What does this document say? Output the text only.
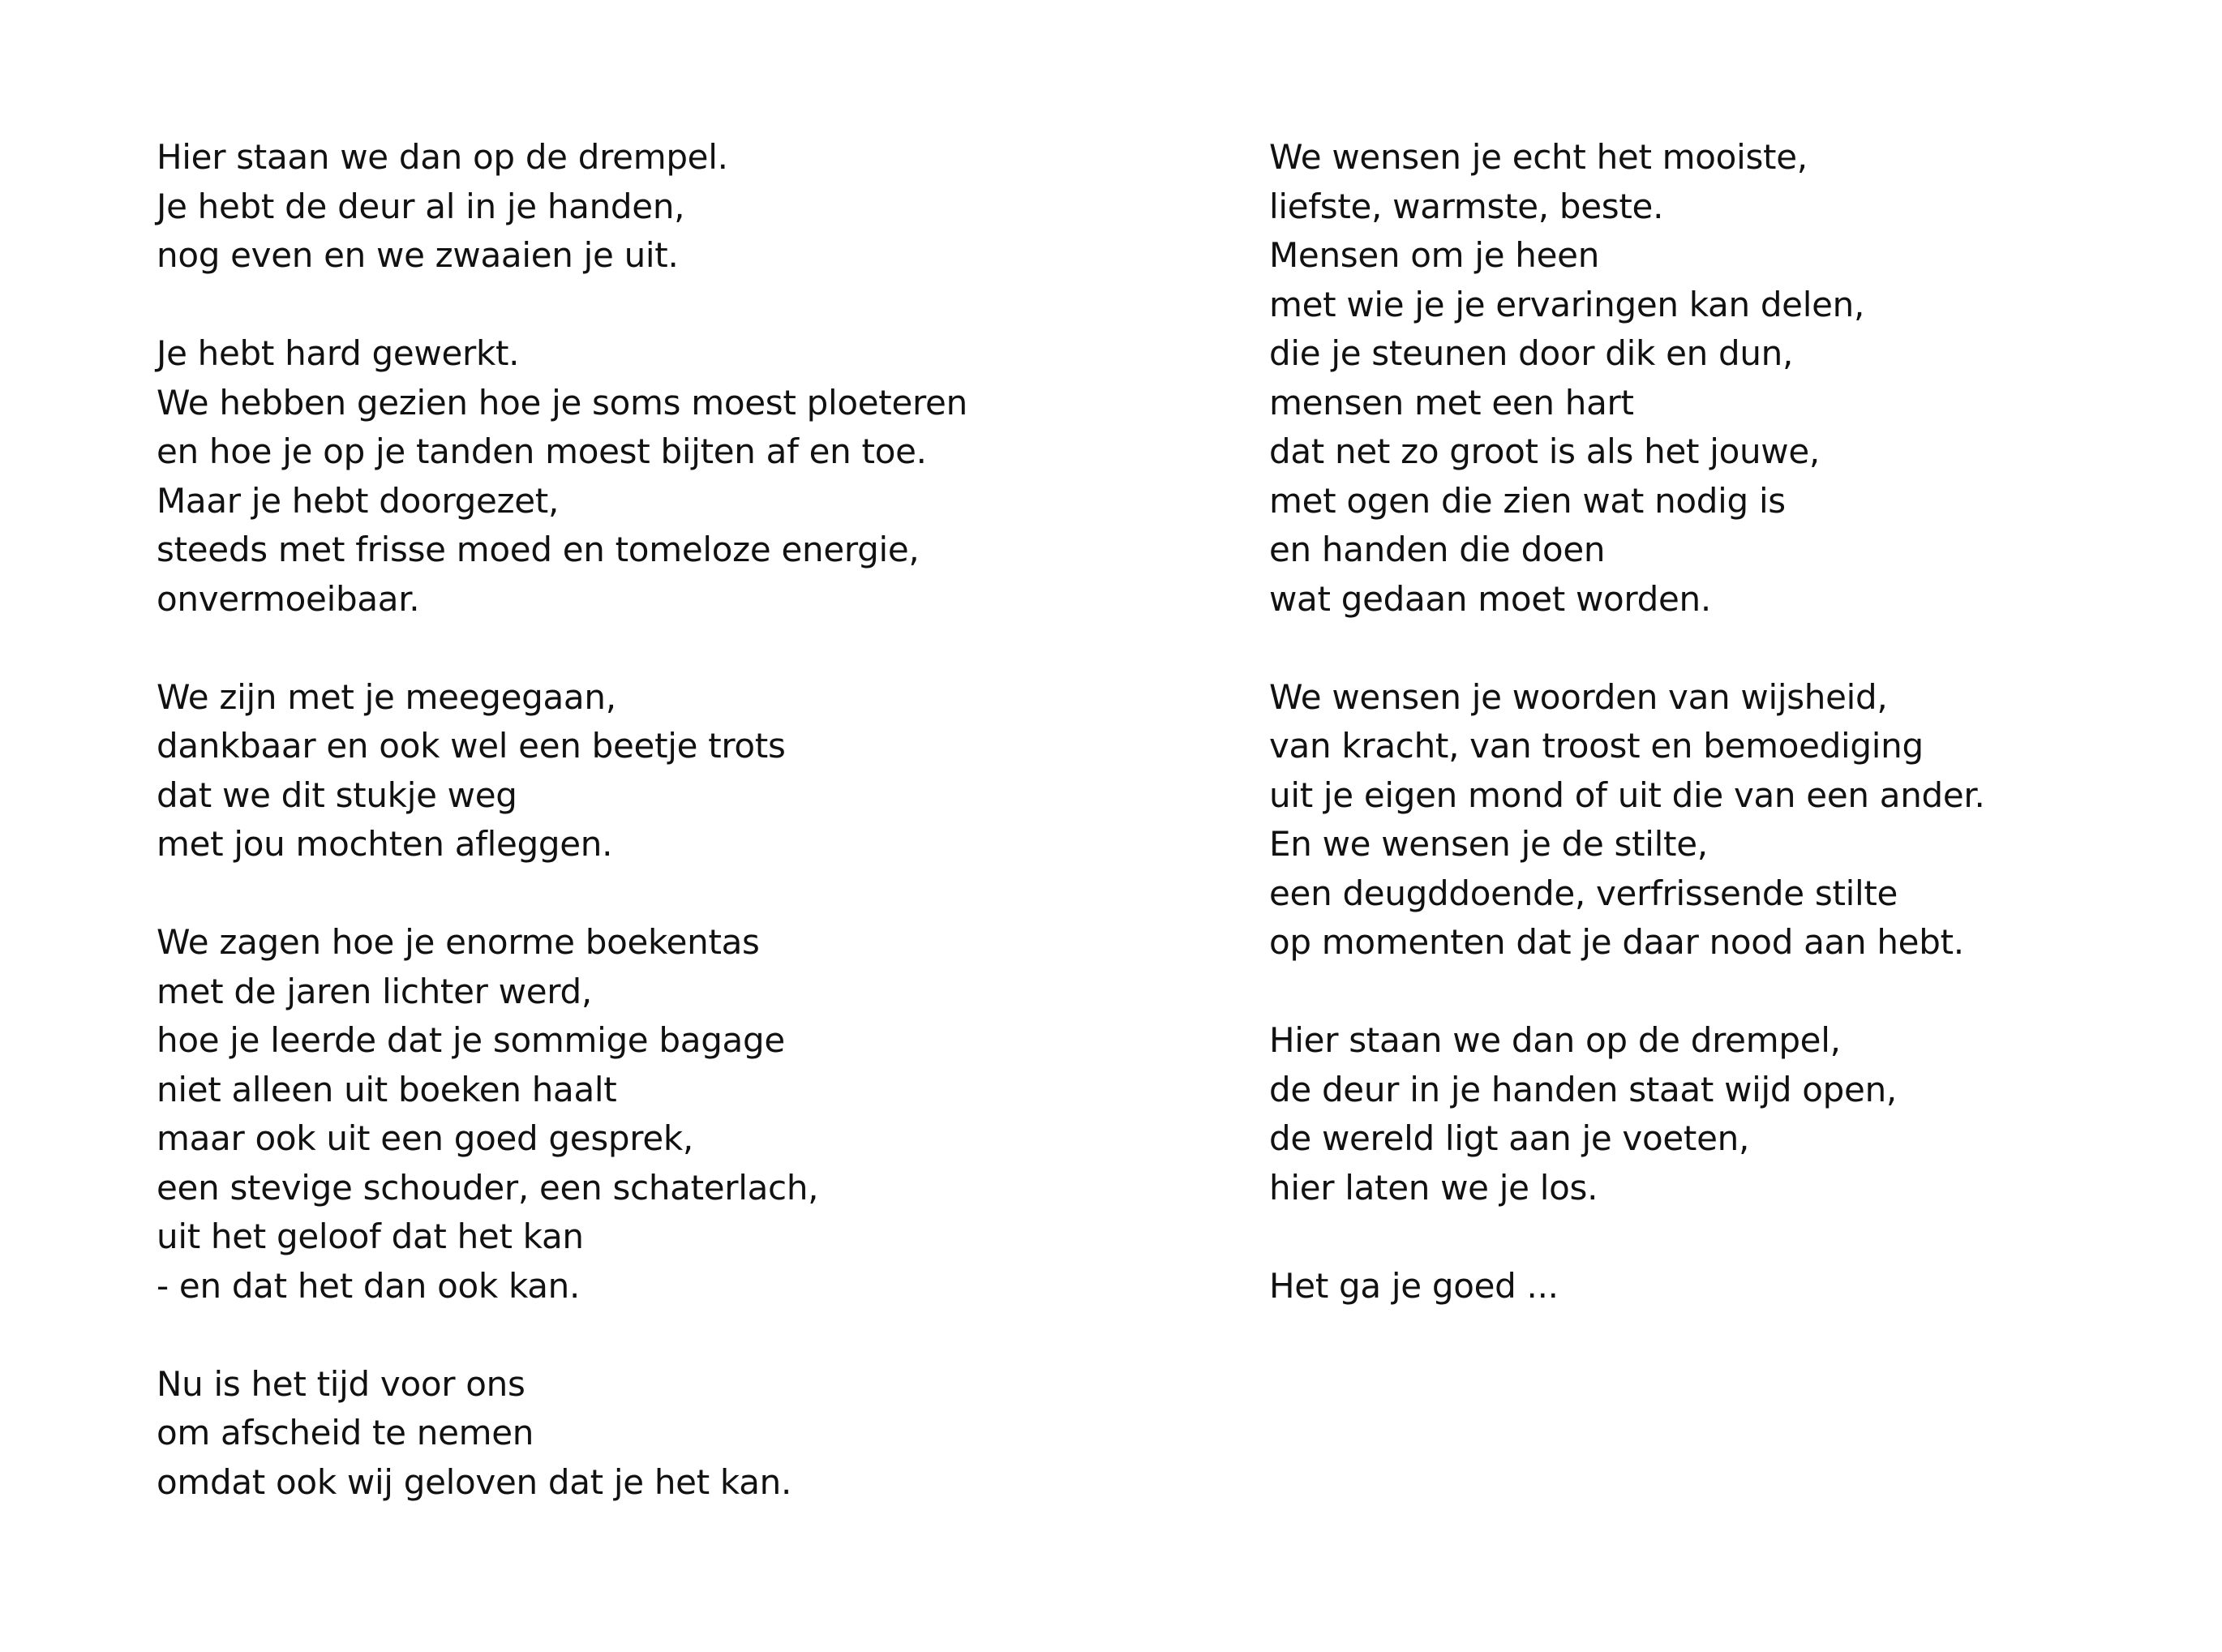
Hier staan we dan op de drempel.
Je hebt de deur al in je handen,
nog even en we zwaaien je uit.
Je hebt hard gewerkt.
We hebben gezien hoe je soms moest ploeteren
en hoe je op je tanden moest bijten af en toe.
Maar je hebt doorgezet,
steeds met frisse moed en tomeloze energie,
onvermoeibaar.
We zijn met je meegegaan,
dankbaar en ook wel een beetje trots
dat we dit stukje weg
met jou mochten afleggen.
We zagen hoe je enorme boekentas
met de jaren lichter werd,
hoe je leerde dat je sommige bagage
niet alleen uit boeken haalt
maar ook uit een goed gesprek,
een stevige schouder, een schaterlach,
uit het geloof dat het kan
- en dat het dan ook kan.
Nu is het tijd voor ons
om afscheid te nemen
omdat ook wij geloven dat je het kan.
We wensen je echt het mooiste,
liefste, warmste, beste.
Mensen om je heen
met wie je je ervaringen kan delen,
die je steunen door dik en dun,
mensen met een hart
dat net zo groot is als het jouwe,
met ogen die zien wat nodig is
en handen die doen
wat gedaan moet worden.
We wensen je woorden van wijsheid,
van kracht, van troost en bemoediging
uit je eigen mond of uit die van een ander.
En we wensen je de stilte,
een deugddoende, verfrissende stilte
op momenten dat je daar nood aan hebt.
Hier staan we dan op de drempel,
de deur in je handen staat wijd open,
de wereld ligt aan je voeten,
hier laten we je los.
Het ga je goed ...
